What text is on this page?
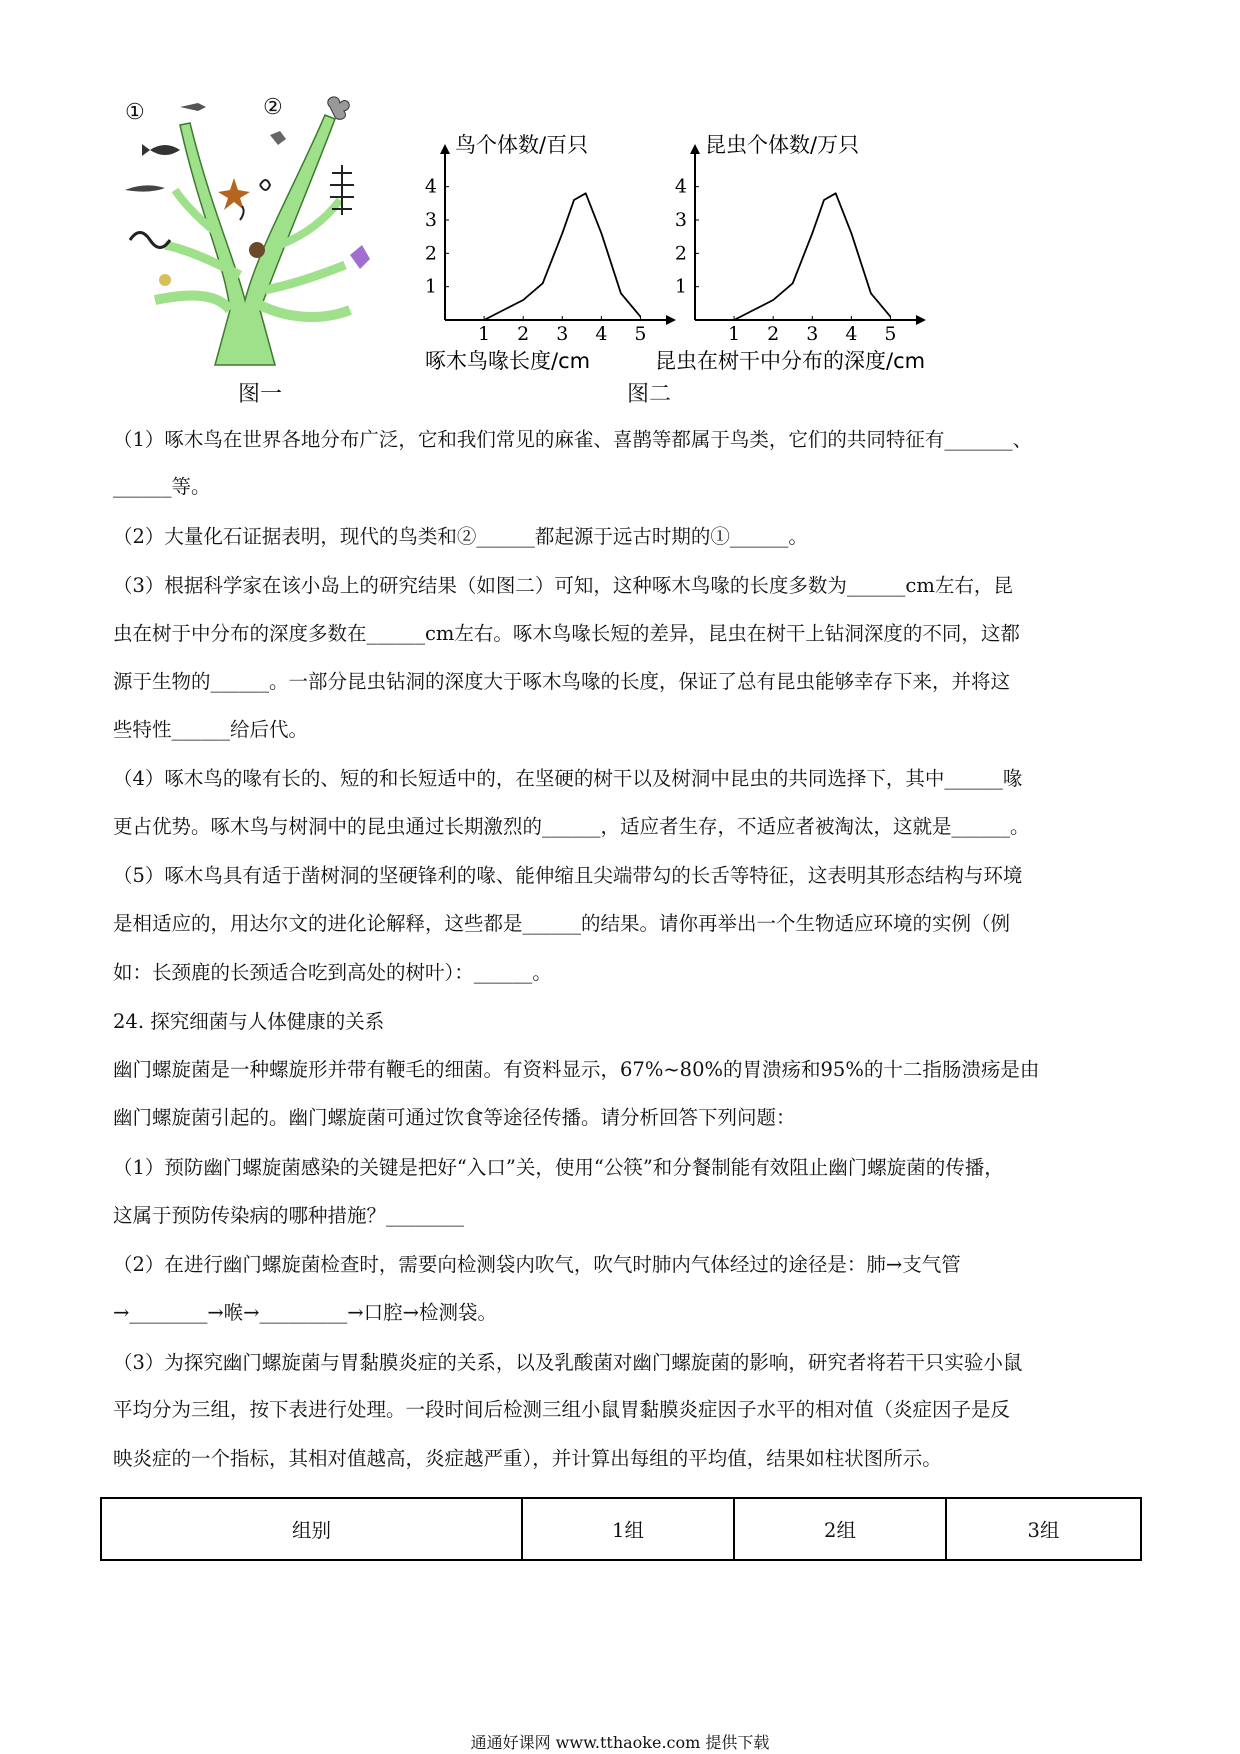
①	②
1 2 3 4 5
1
2
3
4
鸟个体数/百只
啄木鸟喙长度/cm
1 2 3 4 5
1
2
3
4
昆虫个体数/万只
昆虫在树干中分布的深度/cm
图一	图二
（1）啄木鸟在世界各地分布广泛，它和我们常见的麻雀、喜鹊等都属于鸟类，它们的共同特征有_______、
______等。
（2）大量化石证据表明，现代的鸟类和②______都起源于远古时期的①______。
（3）根据科学家在该小岛上的研究结果（如图二）可知，这种啄木鸟喙的长度多数为______cm左右，昆
虫在树于中分布的深度多数在______cm左右。啄木鸟喙长短的差异，昆虫在树干上钻洞深度的不同，这都
源于生物的______。一部分昆虫钻洞的深度大于啄木鸟喙的长度，保证了总有昆虫能够幸存下来，并将这
些特性______给后代。
（4）啄木鸟的喙有长的、短的和长短适中的，在坚硬的树干以及树洞中昆虫的共同选择下，其中______喙
更占优势。啄木鸟与树洞中的昆虫通过长期激烈的______，适应者生存，不适应者被淘汰，这就是______。
（5）啄木鸟具有适于凿树洞的坚硬锋利的喙、能伸缩且尖端带勾的长舌等特征，这表明其形态结构与环境
是相适应的，用达尔文的进化论解释，这些都是______的结果。请你再举出一个生物适应环境的实例（例
如：长颈鹿的长颈适合吃到高处的树叶）：______。
24. 探究细菌与人体健康的关系
幽门螺旋菌是一种螺旋形并带有鞭毛的细菌。有资料显示，67%~80%的胃溃疡和95%的十二指肠溃疡是由
幽门螺旋菌引起的。幽门螺旋菌可通过饮食等途径传播。请分析回答下列问题：
（1）预防幽门螺旋菌感染的关键是把好“入口”关，使用“公筷”和分餐制能有效阻止幽门螺旋菌的传播，
这属于预防传染病的哪种措施？________
（2）在进行幽门螺旋菌检查时，需要向检测袋内吹气，吹气时肺内气体经过的途径是：肺→支气管
→________→喉→_________→口腔→检测袋。
（3）为探究幽门螺旋菌与胃黏膜炎症的关系，以及乳酸菌对幽门螺旋菌的影响，研究者将若干只实验小鼠
平均分为三组，按下表进行处理。一段时间后检测三组小鼠胃黏膜炎症因子水平的相对值（炎症因子是反
映炎症的一个指标，其相对值越高，炎症越严重），并计算出每组的平均值，结果如柱状图所示。
组别	1组	2组	3组
通通好课网 www.tthaoke.com 提供下载
